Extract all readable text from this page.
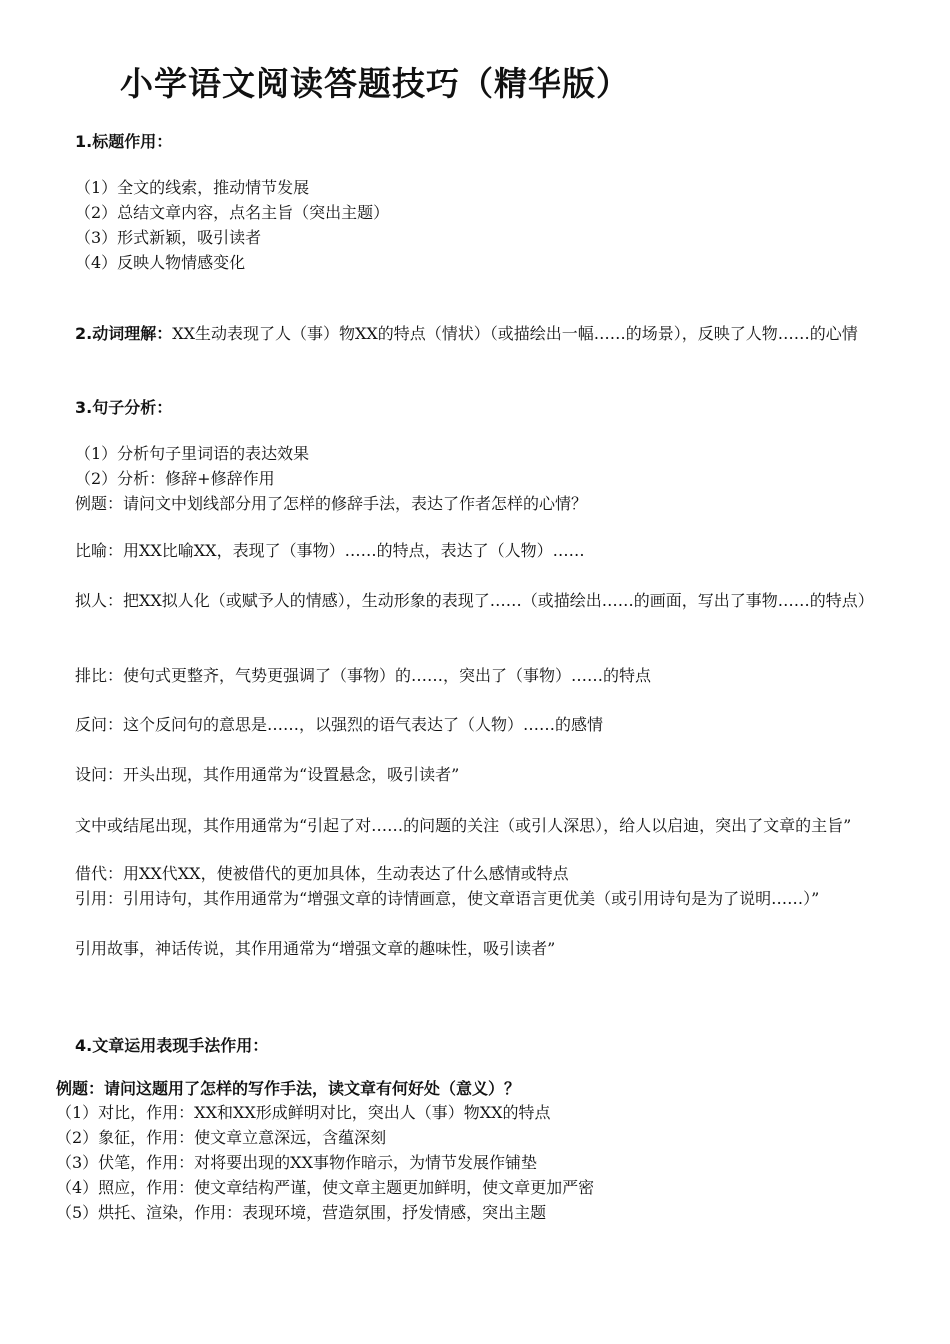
小学语文阅读答题技巧（精华版）
1.标题作用：
（1）全文的线索，推动情节发展
（2）总结文章内容，点名主旨（突出主题）
（3）形式新颖，吸引读者
（4）反映人物情感变化
2.动词理解：XX生动表现了人（事）物XX的特点（情状）（或描绘出一幅……的场景），反映了人物……的心情
3.句子分析：
（1）分析句子里词语的表达效果
（2）分析：修辞+修辞作用
例题：请问文中划线部分用了怎样的修辞手法，表达了作者怎样的心情？
比喻：用XX比喻XX，表现了（事物）……的特点，表达了（人物）……
拟人：把XX拟人化（或赋予人的情感），生动形象的表现了……（或描绘出……的画面，写出了事物……的特点）
排比：使句式更整齐，气势更强调了（事物）的……，突出了（事物）……的特点
反问：这个反问句的意思是……，以强烈的语气表达了（人物）……的感情
设问：开头出现，其作用通常为“设置悬念，吸引读者”
文中或结尾出现，其作用通常为“引起了对……的问题的关注（或引人深思），给人以启迪，突出了文章的主旨”
借代：用XX代XX，使被借代的更加具体，生动表达了什么感情或特点
引用：引用诗句，其作用通常为“增强文章的诗情画意，使文章语言更优美（或引用诗句是为了说明……）”
引用故事，神话传说，其作用通常为“增强文章的趣味性，吸引读者”
4.文章运用表现手法作用：
例题：请问这题用了怎样的写作手法，读文章有何好处（意义）？
（1）对比，作用：XX和XX形成鲜明对比，突出人（事）物XX的特点
（2）象征，作用：使文章立意深远，含蕴深刻
（3）伏笔，作用：对将要出现的XX事物作暗示，为情节发展作铺垫
（4）照应，作用：使文章结构严谨，使文章主题更加鲜明，使文章更加严密
（5）烘托、渲染，作用：表现环境，营造氛围，抒发情感，突出主题
